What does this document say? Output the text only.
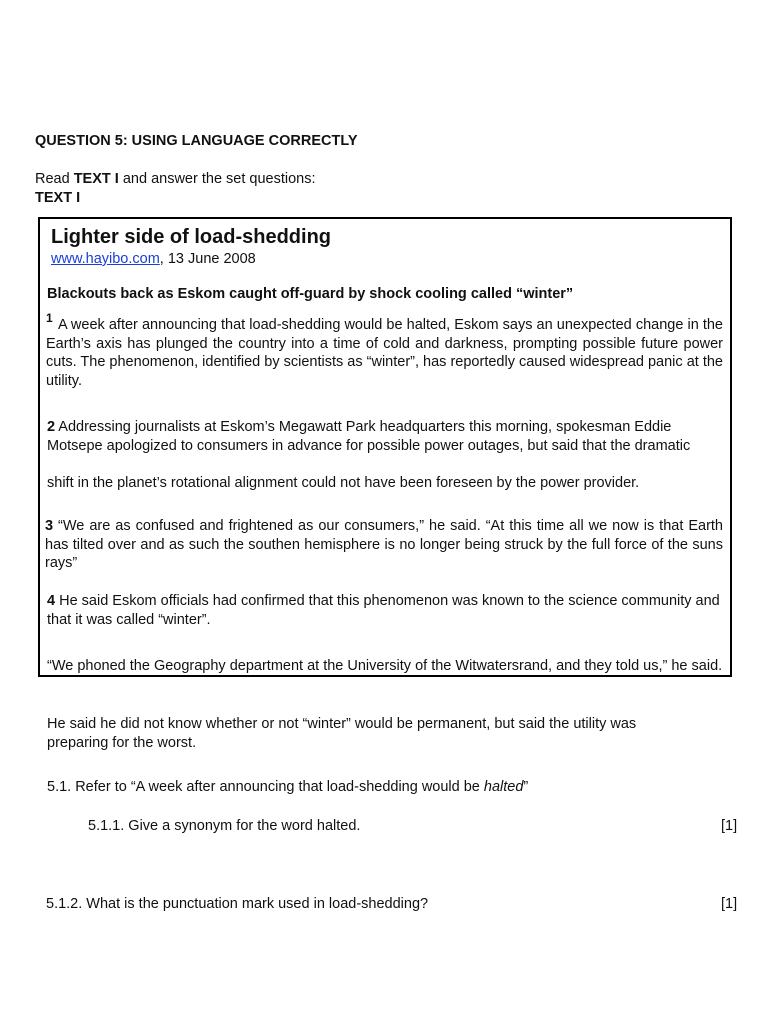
QUESTION 5: USING LANGUAGE CORRECTLY
Read TEXT I and answer the set questions:
TEXT I
Lighter side of load-shedding
www.hayibo.com, 13 June 2008
Blackouts back as Eskom caught off-guard by shock cooling called “winter”
$^1$ A week after announcing that load-shedding would be halted, Eskom says an unexpected change in the Earth’s axis has plunged the country into a time of cold and darkness, prompting possible future power cuts. The phenomenon, identified by scientists as “winter”, has reportedly caused widespread panic at the utility.
2 Addressing journalists at Eskom’s Megawatt Park headquarters this morning, spokesman Eddie
Motsepe apologized to consumers in advance for possible power outages, but said that the dramatic
shift in the planet’s rotational alignment could not have been foreseen by the power provider.
3 “We are as confused and frightened as our consumers,” he said. “At this time all we now is that Earth has tilted over and as such the southen hemisphere is no longer being struck by the full force of the suns rays”
4 He said Eskom officials had confirmed that this phenomenon was known to the science community and that it was called “winter”.
“We phoned the Geography department at the University of the Witwatersrand, and they told us,” he said.
He said he did not know whether or not “winter” would be permanent, but said the utility was preparing for the worst.
5.1. Refer to “A week after announcing that load-shedding would be halted”
5.1.1. Give a synonym for the word halted.	[1]
5.1.2. What is the punctuation mark used in load-shedding?	[1]
